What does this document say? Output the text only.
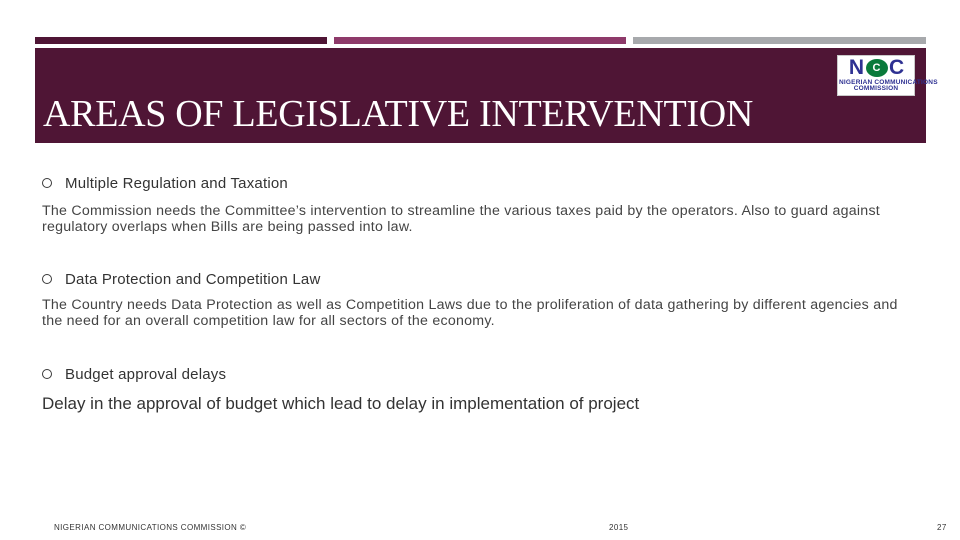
AREAS OF LEGISLATIVE INTERVENTION
N C C
NIGERIAN COMMUNICATIONS
COMMISSION
Multiple Regulation and Taxation

The Commission needs the Committee’s intervention to streamline the various taxes paid by the operators. Also to guard against regulatory overlaps when Bills are being passed into law.

Data Protection and Competition Law

The Country needs Data Protection as well as Competition Laws due to the proliferation of data gathering by different agencies and the need for an overall competition law for all sectors of the economy.

Budget approval delays

Delay in the approval of budget which lead to delay in implementation of project

NIGERIAN COMMUNICATIONS COMMISSION ©	2015	27
